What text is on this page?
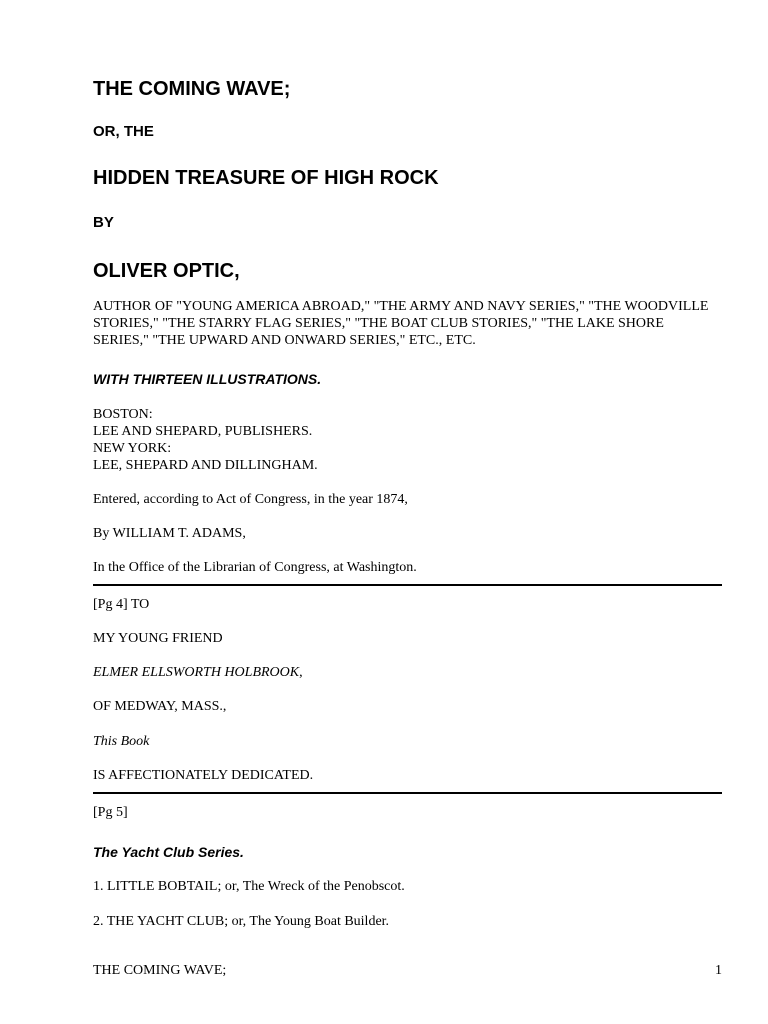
THE COMING WAVE;
OR, THE
HIDDEN TREASURE OF HIGH ROCK
BY
OLIVER OPTIC,

AUTHOR OF "YOUNG AMERICA ABROAD," "THE ARMY AND NAVY SERIES," "THE WOODVILLE STORIES," "THE STARRY FLAG SERIES," "THE BOAT CLUB STORIES," "THE LAKE SHORE SERIES," "THE UPWARD AND ONWARD SERIES," ETC., ETC.

WITH THIRTEEN ILLUSTRATIONS.
BOSTON:
LEE AND SHEPARD, PUBLISHERS.
NEW YORK:
LEE, SHEPARD AND DILLINGHAM.
Entered, according to Act of Congress, in the year 1874,
By WILLIAM T. ADAMS,
In the Office of the Librarian of Congress, at Washington.
[Pg 4] TO
MY YOUNG FRIEND
ELMER ELLSWORTH HOLBROOK,
OF MEDWAY, MASS.,
This Book
IS AFFECTIONATELY DEDICATED.
[Pg 5]
The Yacht Club Series.
1. LITTLE BOBTAIL; or, The Wreck of the Penobscot.
2. THE YACHT CLUB; or, The Young Boat Builder.
THE COMING WAVE;	1
